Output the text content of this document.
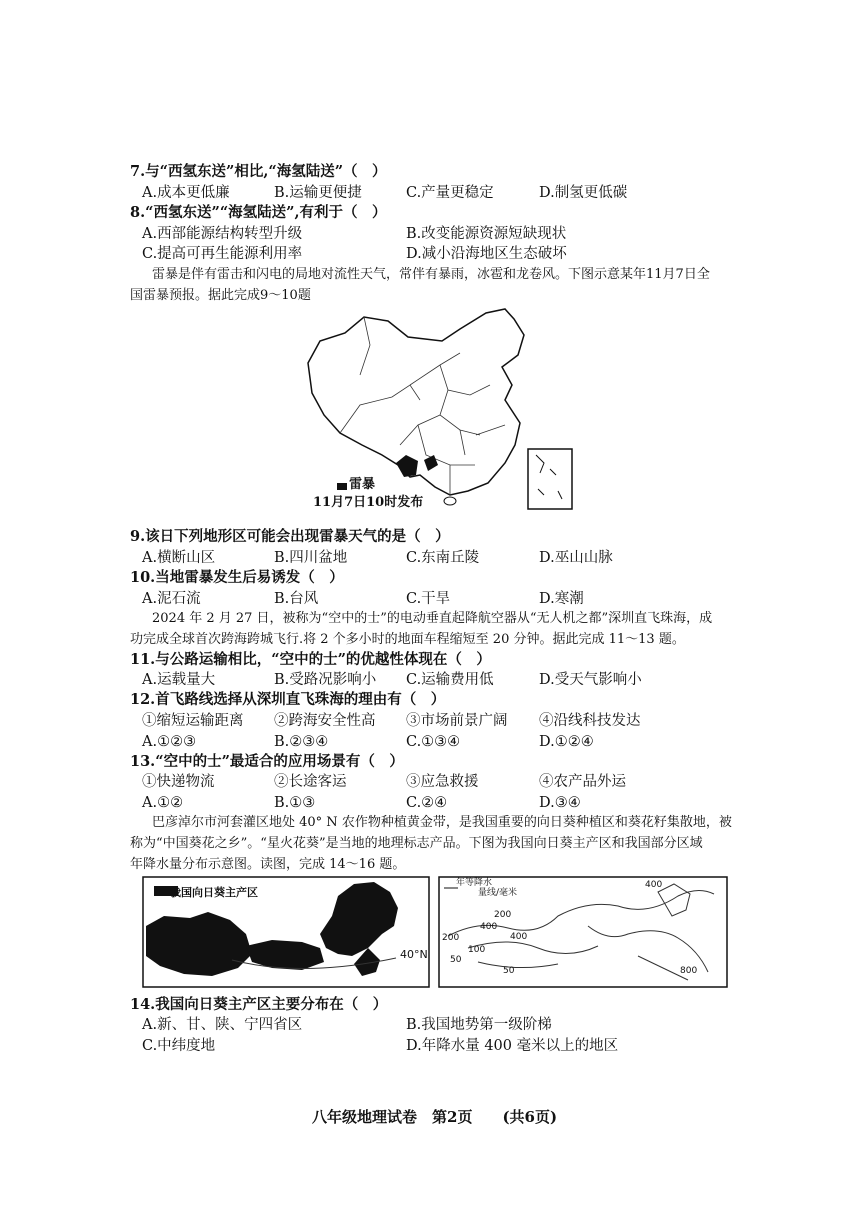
7.与“西氢东送”相比,“海氢陆送”（　）
A.成本更低廉	B.运输更便捷	C.产量更稳定	D.制氢更低碳
8.“西氢东送”“海氢陆送”,有利于（　）
A.西部能源结构转型升级	B.改变能源资源短缺现状
C.提高可再生能源利用率	D.减小沿海地区生态破坏
雷暴是伴有雷击和闪电的局地对流性天气，常伴有暴雨，冰雹和龙卷风。下图示意某年11月7日全
国雷暴预报。据此完成9～10题
雷暴
11月7日10时发布
9.该日下列地形区可能会出现雷暴天气的是（　）
A.横断山区	B.四川盆地	C.东南丘陵	D.巫山山脉
10.当地雷暴发生后易诱发（　）
A.泥石流	B.台风	C.干旱	D.寒潮
2024 年 2 月 27 日，被称为“空中的士”的电动垂直起降航空器从“无人机之都”深圳直飞珠海，成
功完成全球首次跨海跨城飞行.将 2 个多小时的地面车程缩短至 20 分钟。据此完成 11～13 题。
11.与公路运输相比，“空中的士”的优越性体现在（　）
A.运载量大	B.受路况影响小 C.运输费用低	D.受天气影响小
12.首飞路线选择从深圳直飞珠海的理由有（　）
①缩短运输距离 ②跨海安全性高 ③市场前景广阔 ④沿线科技发达
A.①②③	B.②③④	C.①③④	D.①②④
13.“空中的士”最适合的应用场景有（　）
①快递物流	②长途客运	③应急救援	④农产品外运
A.①②	B.①③	C.②④	D.③④
巴彦淖尔市河套灌区地处 40° N 农作物种植黄金带，是我国重要的向日葵种植区和葵花籽集散地，被
称为“中国葵花之乡”。“星火花葵”是当地的地理标志产品。下图为我国向日葵主产区和我国部分区域
年降水量分布示意图。读图，完成 14～16 题。
我国向日葵主产区
40°N
年等降水
量线/毫米
400
200
400
400
200
100
50
50	800
14.我国向日葵主产区主要分布在（　）
A.新、甘、陕、宁四省区	B.我国地势第一级阶梯
C.中纬度地	D.年降水量 400 毫米以上的地区
八年级地理试卷　第2页　　(共6页)
